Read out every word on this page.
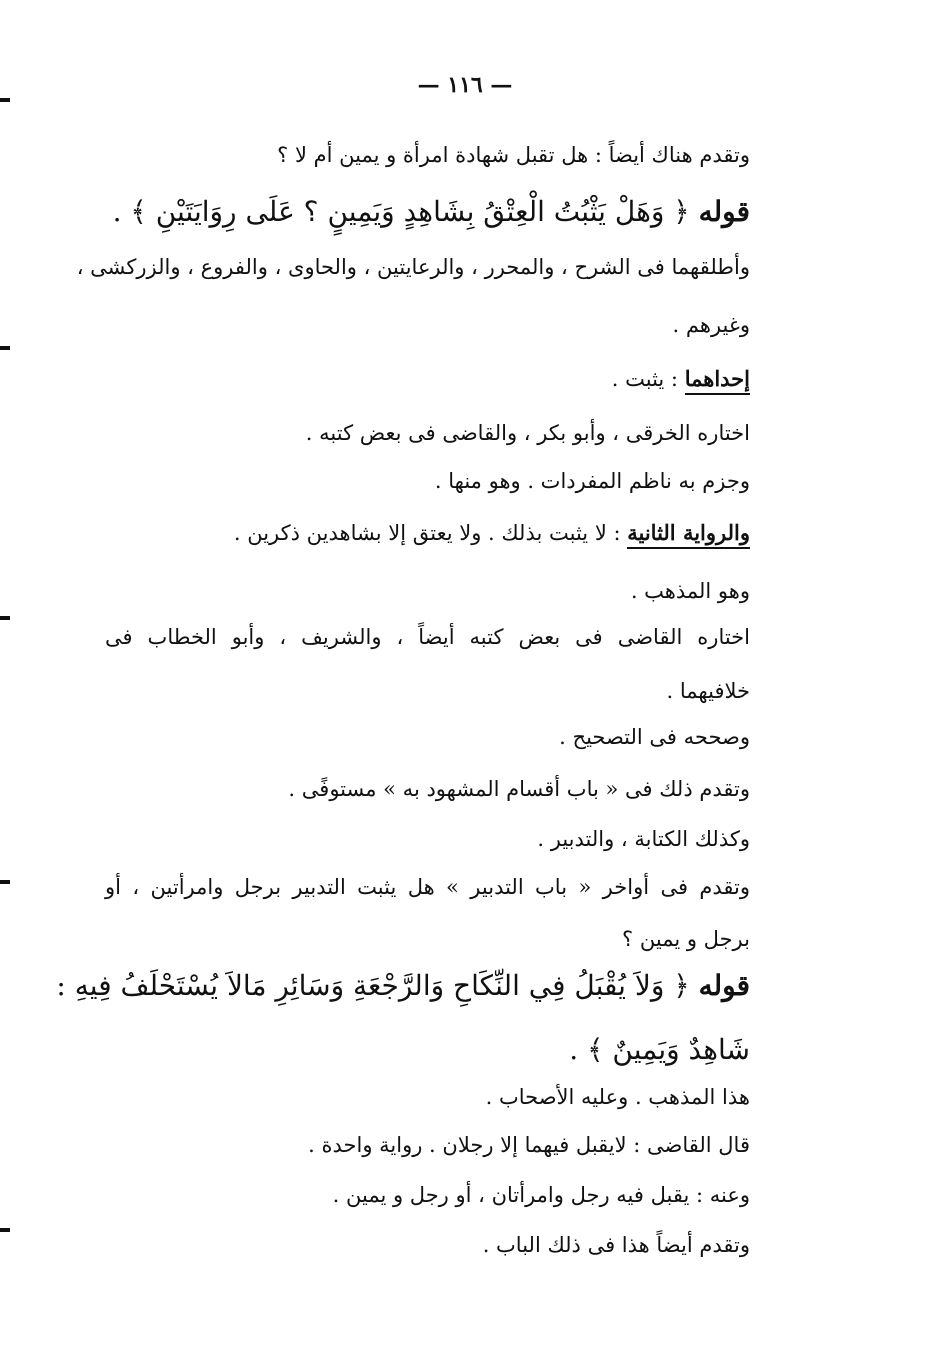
— ١١٦ —
وتقدم هناك أيضاً : هل تقبل شهادة امرأة و يمين أم لا ؟
قوله ﴿ وَهَلْ يَثْبُتُ الْعِتْقُ بِشَاهِدٍ وَيَمِينٍ ؟ عَلَى رِوَايَتَيْنِ ﴾ .
وأطلقهما فى الشرح ، والمحرر ، والرعايتين ، والحاوى ، والفروع ، والزركشى ،
وغيرهم .
إحداهما : يثبت .
اختاره الخرقى ، وأبو بكر ، والقاضى فى بعض كتبه .
وجزم به ناظم المفردات . وهو منها .
والرواية الثانية : لا يثبت بذلك . ولا يعتق إلا بشاهدين ذكرين .
وهو المذهب .
اختاره القاضى فى بعض كتبه أيضاً ، والشريف ، وأبو الخطاب فى
خلافيهما .
وصححه فى التصحيح .
وتقدم ذلك فى « باب أقسام المشهود به » مستوفًى .
وكذلك الكتابة ، والتدبير .
وتقدم فى أواخر « باب التدبير » هل يثبت التدبير برجل وامرأتين ، أو
برجل و يمين ؟
قوله ﴿ وَلاَ يُقْبَلُ فِي النِّكَاحِ وَالرَّجْعَةِ وَسَائِرِ مَالاَ يُسْتَحْلَفُ فِيهِ :
شَاهِدٌ وَيَمِينٌ ﴾ .
هذا المذهب . وعليه الأصحاب .
قال القاضى : لايقبل فيهما إلا رجلان . رواية واحدة .
وعنه : يقبل فيه رجل وامرأتان ، أو رجل و يمين .
وتقدم أيضاً هذا فى ذلك الباب .
